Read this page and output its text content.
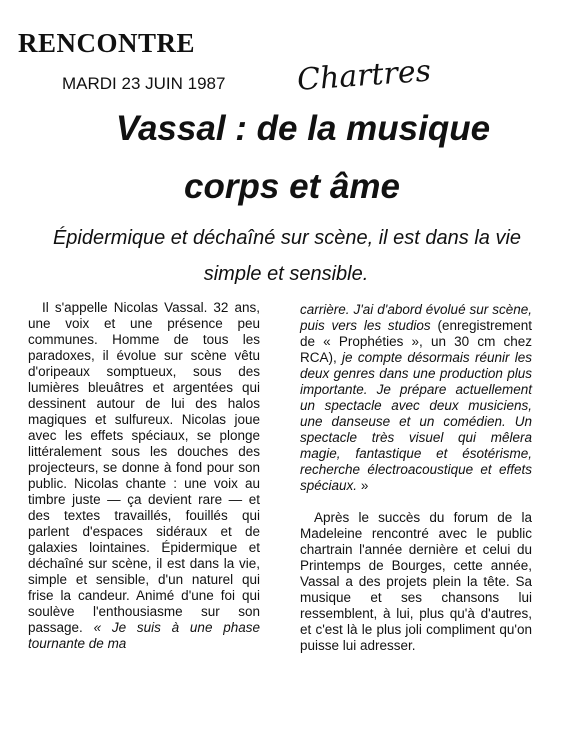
RENCONTRE
MARDI 23 JUIN 1987 Chartres
Vassal : de la musique
corps et âme
Épidermique et déchaîné sur scène, il est dans la vie
simple et sensible.

Il s'appelle Nicolas Vassal. 32 ans, une voix et une présence peu communes. Homme de tous les paradoxes, il évolue sur scène vêtu d'oripeaux somptueux, sous des lumières bleuâtres et argentées qui dessinent autour de lui des halos magiques et sulfureux. Nicolas joue avec les effets spéciaux, se plonge littéralement sous les douches des projecteurs, se donne à fond pour son public. Nicolas chante : une voix au timbre juste — ça devient rare — et des textes travaillés, fouillés qui parlent d'espaces sidéraux et de galaxies lointaines. Épidermique et déchaîné sur scène, il est dans la vie, simple et sensible, d'un naturel qui frise la candeur. Animé d'une foi qui soulève l'enthousiasme sur son passage. « Je suis à une phase tournante de ma

carrière. J'ai d'abord évolué sur scène, puis vers les studios (enregistrement de « Prophéties », un 30 cm chez RCA), je compte désormais réunir les deux genres dans une production plus importante. Je prépare actuellement un spectacle avec deux musiciens, une danseuse et un comédien. Un spectacle très visuel qui mêlera magie, fantastique et ésotérisme, recherche électroacoustique et effets spéciaux. »

Après le succès du forum de la Madeleine rencontré avec le public chartrain l'année dernière et celui du Printemps de Bourges, cette année, Vassal a des projets plein la tête. Sa musique et ses chansons lui ressemblent, à lui, plus qu'à d'autres, et c'est là le plus joli compliment qu'on puisse lui adresser.
